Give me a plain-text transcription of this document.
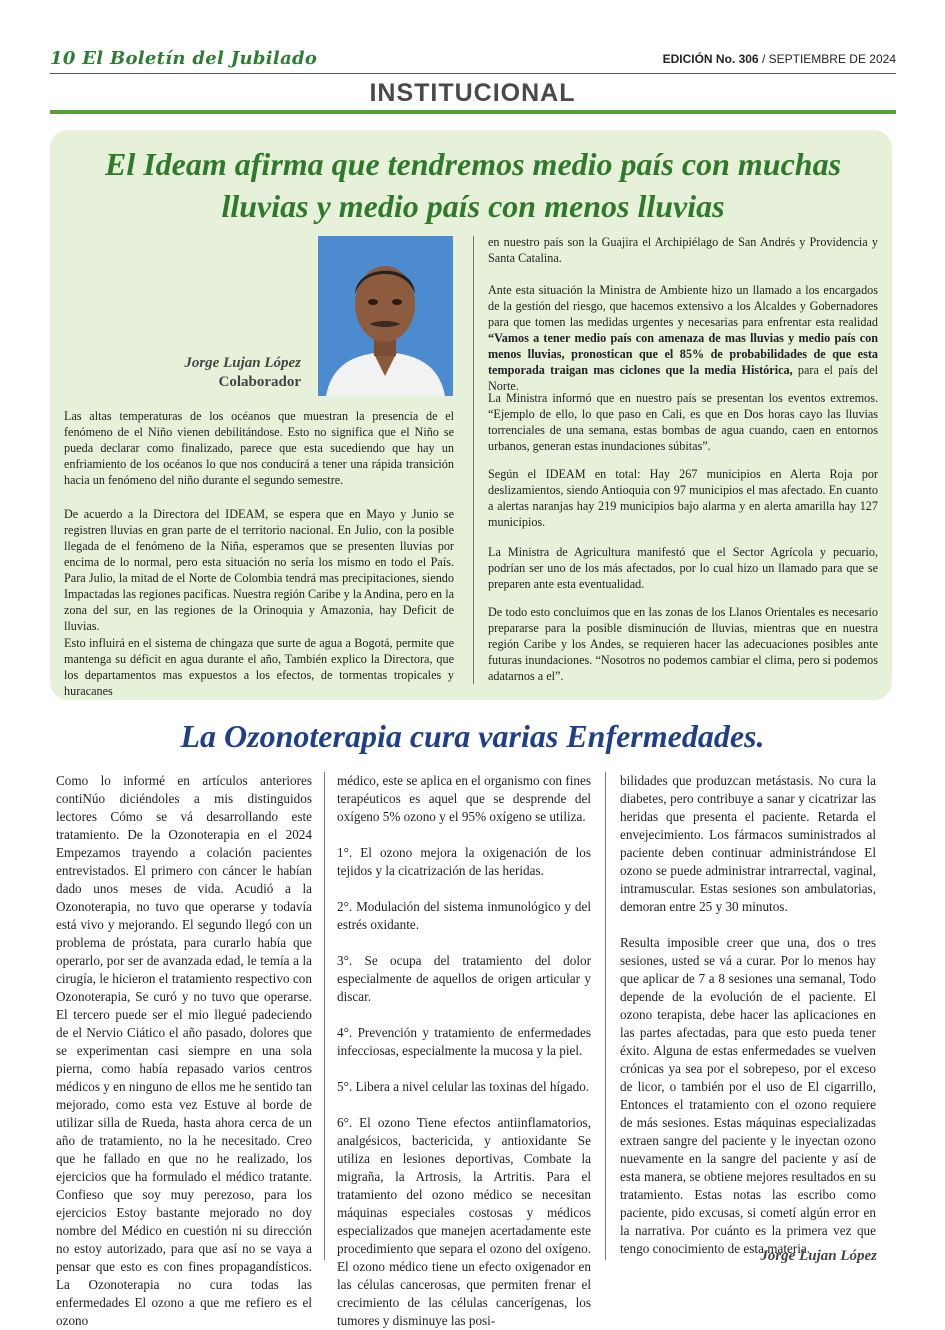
10 El Boletín del Jubilado	EDICIÓN No. 306 / SEPTIEMBRE DE 2024
INSTITUCIONAL
El Ideam afirma que tendremos medio país con muchas lluvias y medio país con menos lluvias
Jorge Lujan López
Colaborador
Las altas temperaturas de los océanos que muestran la presencia de el fenómeno de el Niño vienen debilitándose. Esto no significa que el Niño se pueda declarar como finalizado, parece que esta sucediendo que hay un enfriamiento de los océanos lo que nos conducirá a tener una rápida transición hacia un fenómeno del niño durante el segundo semestre.
De acuerdo a la Directora del IDEAM, se espera que en Mayo y Junio se registren lluvias en gran parte de el territorio nacional. En Julio, con la posible llegada de el fenómeno de la Niña, esperamos que se presenten lluvias por encima de lo normal, pero esta situación no sería los mismo en todo el País. Para Julio, la mitad de el Norte de Colombia tendrá mas precipitaciones, siendo Impactadas las regiones pacificas. Nuestra región Caribe y la Andina, pero en la zona del sur, en las regiones de la Orinoquia y Amazonia, hay Deficit de lluvias.
Esto influirá en el sistema de chingaza que surte de agua a Bogotá, permite que mantenga su déficit en agua durante el año, También explico la Directora, que los departamentos mas expuestos a los efectos, de tormentas tropicales y huracanes
en nuestro país son la Guajira el Archipiélago de San Andrés y Providencia y Santa Catalina.
Ante esta situación la Ministra de Ambiente hizo un llamado a los encargados de la gestión del riesgo, que hacemos extensivo a los Alcaldes y Gobernadores para que tomen las medidas urgentes y necesarias para enfrentar esta realidad “Vamos a tener medio país con amenaza de mas lluvias y medio país con menos lluvias, pronostican que el 85% de probabilidades de que esta temporada traigan mas ciclones que la media Histórica, para el país del Norte.
La Ministra informó que en nuestro país se presentan los eventos extremos. “Ejemplo de ello, lo que paso en Cali, es que en Dos horas cayo las lluvias torrenciales de una semana, estas bombas de agua cuando, caen en entornos urbanos, generan estas inundaciones súbitas”.
Según el IDEAM en total: Hay 267 municipios en Alerta Roja por deslizamientos, siendo Antioquia con 97 municipios el mas afectado. En cuanto a alertas naranjas hay 219 municipios bajo alarma y en alerta amarilla hay 127 municipios.
La Ministra de Agricultura manifestó que el Sector Agrícola y pecuario, podrían ser uno de los más afectados, por lo cual hizo un llamado para que se preparen ante esta eventualidad.
De todo esto concluimos que en las zonas de los Llanos Orientales es necesario prepararse para la posible disminución de lluvias, mientras que en nuestra región Caribe y los Andes, se requieren hacer las adecuaciones posibles ante futuras inundaciones. “Nosotros no podemos cambiar el clima, pero si podemos adatarnos a el”.
La Ozonoterapia cura varias Enfermedades.

Como lo informé en artículos anteriores contiNúo diciéndoles a mis distinguidos lectores Cómo se vá desarrollando este tratamiento. De la Ozonoterapia en el 2024 Empezamos trayendo a colación pacientes entrevistados. El primero con cáncer le habían dado unos meses de vida. Acudió a la Ozonoterapia, no tuvo que operarse y todavía está vivo y mejorando. El segundo llegó con un problema de próstata, para curarlo había que operarlo, por ser de avanzada edad, le temía a la cirugía, le hicieron el tratamiento respectivo con Ozonoterapia, Se curó y no tuvo que operarse. El tercero puede ser el mio llegué padeciendo de el Nervio Ciático el año pasado, dolores que se experimentan casi siempre en una sola pierna, como había repasado varios centros médicos y en ninguno de ellos me he sentido tan mejorado, como esta vez Estuve al borde de utilizar silla de Rueda, hasta ahora cerca de un año de tratamiento, no la he necesitado. Creo que he fallado en que no he realizado, los ejercicios que ha formulado el médico tratante. Confieso que soy muy perezoso, para los ejercicios Estoy bastante mejorado no doy nombre del Médico en cuestión ni su dirección no estoy autorizado, para que así no se vaya a pensar que esto es con fines propagandísticos. La Ozonoterapia no cura todas las enfermedades El ozono a que me refiero es el ozono

médico, este se aplica en el organismo con fines terapéuticos es aquel que se desprende del oxígeno 5% ozono y el 95% oxígeno se utiliza.

1°. El ozono mejora la oxigenación de los tejidos y la cicatrización de las heridas.

2°. Modulación del sistema inmunológico y del estrés oxidante.

3°. Se ocupa del tratamiento del dolor especialmente de aquellos de origen articular y discar.

4°. Prevención y tratamiento de enfermedades infecciosas, especialmente la mucosa y la piel.

5°. Libera a nivel celular las toxinas del hígado.

6°. El ozono Tiene efectos antiinflamatorios, analgésicos, bactericida, y antioxidante Se utiliza en lesiones deportivas, Combate la migraña, la Artrosis, la Artritis. Para el tratamiento del ozono médico se necesitan máquinas especiales costosas y médicos especializados que manejen acertadamente este procedimiento que separa el ozono del oxígeno. El ozono médico tiene un efecto oxigenador en las células cancerosas, que permiten frenar el crecimiento de las células cancerígenas, los tumores y disminuye las posi-

bilidades que produzcan metástasis. No cura la diabetes, pero contribuye a sanar y cicatrizar las heridas que presenta el paciente. Retarda el envejecimiento. Los fármacos suministrados al paciente deben continuar administrándose El ozono se puede administrar intrarrectal, vaginal, intramuscular. Estas sesiones son ambulatorias, demoran entre 25 y 30 minutos.

Resulta imposible creer que una, dos o tres sesiones, usted se vá a curar. Por lo menos hay que aplicar de 7 a 8 sesiones una semanal, Todo depende de la evolución de el paciente. El ozono terapista, debe hacer las aplicaciones en las partes afectadas, para que esto pueda tener éxito. Alguna de estas enfermedades se vuelven crónicas ya sea por el sobrepeso, por el exceso de licor, o también por el uso de El cigarrillo, Entonces el tratamiento con el ozono requiere de más sesiones. Estas máquinas especializadas extraen sangre del paciente y le inyectan ozono nuevamente en la sangre del paciente y así de esta manera, se obtiene mejores resultados en su tratamiento. Estas notas las escribo como paciente, pido excusas, si cometí algún error en la narrativa. Por cuánto es la primera vez que tengo conocimiento de esta materia.

Jorge Lujan López
